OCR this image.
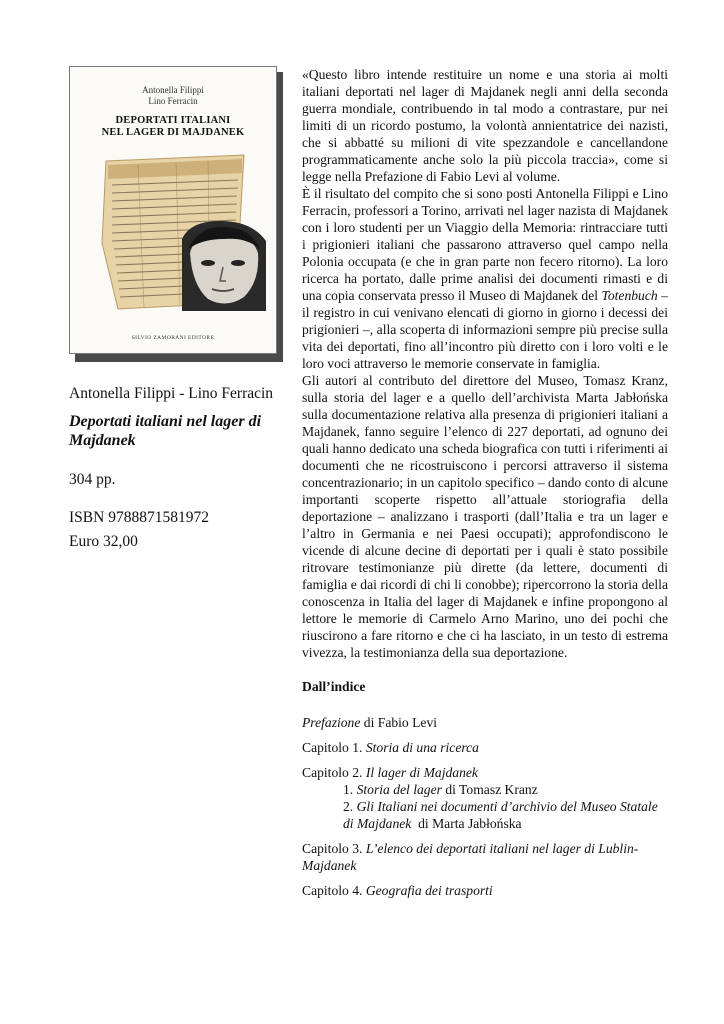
Antonella Filippi
Lino Ferracin
DEPORTATI ITALIANI
NEL LAGER DI MAJDANEK
SILVIO ZAMORANI EDITORE

Antonella Filippi - Lino Ferracin

Deportati italiani nel lager di Majdanek
304 pp.
ISBN 9788871581972
Euro 32,00

«Questo libro intende restituire un nome e una storia ai molti italiani deportati nel lager di Majdanek negli anni della seconda guerra mondiale, contribuendo in tal modo a contrastare, pur nei limiti di un ricordo postumo, la volontà annientatrice dei nazisti, che si abbatté su milioni di vite spezzandole e cancellandone programmaticamente anche solo la più piccola traccia», come si legge nella Prefazione di Fabio Levi al volume.

È il risultato del compito che si sono posti Antonella Filippi e Lino Ferracin, professori a Torino, arrivati nel lager nazista di Majdanek con i loro studenti per un Viaggio della Memoria: rintracciare tutti i prigionieri italiani che passarono attraverso quel campo nella Polonia occupata (e che in gran parte non fecero ritorno). La loro ricerca ha portato, dalle prime analisi dei documenti rimasti e di una copia conservata presso il Museo di Majdanek del Totenbuch – il registro in cui venivano elencati di giorno in giorno i decessi dei prigionieri –, alla scoperta di informazioni sempre più precise sulla vita dei deportati, fino all’incontro più diretto con i loro volti e le loro voci attraverso le memorie conservate in famiglia.

Gli autori al contributo del direttore del Museo, Tomasz Kranz, sulla storia del lager e a quello dell’archivista Marta Jabłońska sulla documentazione relativa alla presenza di prigionieri italiani a Majdanek, fanno seguire l’elenco di 227 deportati, ad ognuno dei quali hanno dedicato una scheda biografica con tutti i riferimenti ai documenti che ne ricostruiscono i percorsi attraverso il sistema concentrazionario; in un capitolo specifico – dando conto di alcune importanti scoperte rispetto all’attuale storiografia della deportazione – analizzano i trasporti (dall’Italia e tra un lager e l’altro in Germania e nei Paesi occupati); approfondiscono le vicende di alcune decine di deportati per i quali è stato possibile ritrovare testimonianze più dirette (da lettere, documenti di famiglia e dai ricordi di chi li conobbe); ripercorrono la storia della conoscenza in Italia del lager di Majdanek e infine propongono al lettore le memorie di Carmelo Arno Marino, uno dei pochi che riuscirono a fare ritorno e che ci ha lasciato, in un testo di estrema vivezza, la testimonianza della sua deportazione.

Dall’indice

Prefazione di Fabio Levi
Capitolo 1. Storia di una ricerca
Capitolo 2. Il lager di Majdanek
1. Storia del lager di Tomasz Kranz
2. Gli Italiani nei documenti d’archivio del Museo Statale di Majdanek  di Marta Jabłońska
Capitolo 3. L’elenco dei deportati italiani nel lager di Lublin-Majdanek
Capitolo 4. Geografia dei trasporti
